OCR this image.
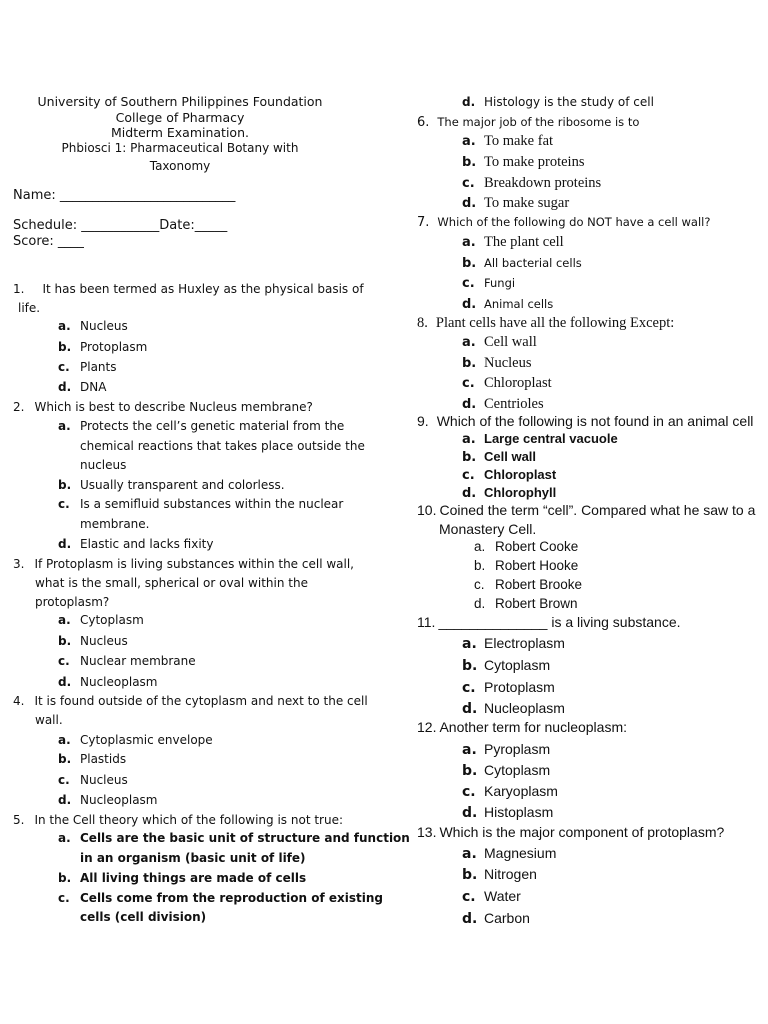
University of Southern Philippines Foundation
College of Pharmacy
Midterm Examination.
Phbiosci 1: Pharmaceutical Botany with
Taxonomy
Name: ___________________________
Schedule: ____________Date:_____
Score: ____
1. It has been termed as Huxley as the physical basis of
life.
a. Nucleus
b. Protoplasm
c. Plants
d. DNA
2. Which is best to describe Nucleus membrane?
a. Protects the cell’s genetic material from the
chemical reactions that takes place outside the
nucleus
b. Usually transparent and colorless.
c. Is a semifluid substances within the nuclear
membrane.
d. Elastic and lacks fixity
3. If Protoplasm is living substances within the cell wall,
what is the small, spherical or oval within the
protoplasm?
a. Cytoplasm
b. Nucleus
c. Nuclear membrane
d. Nucleoplasm
4. It is found outside of the cytoplasm and next to the cell
wall.
a. Cytoplasmic envelope
b. Plastids
c. Nucleus
d. Nucleoplasm
5. In the Cell theory which of the following is not true:
a. Cells are the basic unit of structure and function
in an organism (basic unit of life)
b. All living things are made of cells
c. Cells come from the reproduction of existing
cells (cell division)
d. Histology is the study of cell
6. The major job of the ribosome is to
a. To make fat
b. To make proteins
c. Breakdown proteins
d. To make sugar
7. Which of the following do NOT have a cell wall?
a. The plant cell
b. All bacterial cells
c. Fungi
d. Animal cells
8. Plant cells have all the following Except:
a. Cell wall
b. Nucleus
c. Chloroplast
d. Centrioles
9. Which of the following is not found in an animal cell
a. Large central vacuole
b. Cell wall
c. Chloroplast
d. Chlorophyll
10. Coined the term “cell”. Compared what he saw to a
Monastery Cell.
a. Robert Cooke
b. Robert Hooke
c. Robert Brooke
d. Robert Brown
11. ______________ is a living substance.
a. Electroplasm
b. Cytoplasm
c. Protoplasm
d. Nucleoplasm
12. Another term for nucleoplasm:
a. Pyroplasm
b. Cytoplasm
c. Karyoplasm
d. Histoplasm
13. Which is the major component of protoplasm?
a. Magnesium
b. Nitrogen
c. Water
d. Carbon
